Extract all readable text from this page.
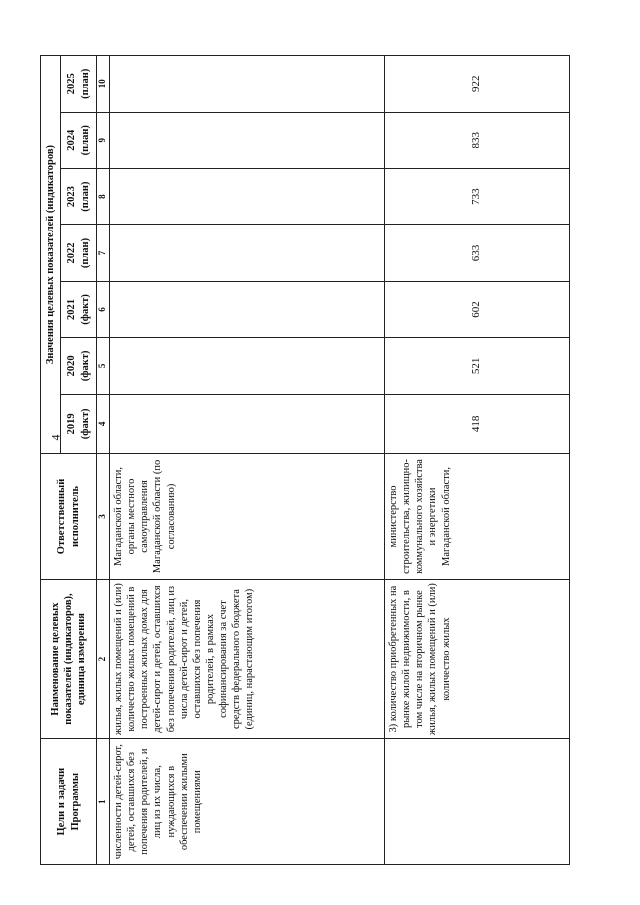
4
Цели и задачи Программы	Наименование целевых показателей (индикаторов), единица измерения	Ответственный исполнитель	Значения целевых показателей (индикаторов)						
			2019 (факт)	2020 (факт)	2021 (факт)	2022 (план)	2023 (план)	2024 (план)	2025 (план)
1	2	3	4	5	6	7	8	9	10
численности детей-сирот, детей, оставшихся без попечения родителей, и лиц из их числа, нуждающихся в обеспечении жилыми помещениями	жилья, жилых помещений и (или) количество жилых помещений в построенных жилых домах для детей-сирот и детей, оставшихся без попечения родителей, лиц из числа детей-сирот и детей, оставшихся без попечения родителей, в рамках софинансирования за счет средств федерального бюджета (единиц, нарастающим итогом)	Магаданской области, органы местного самоуправления Магаданской области (по согласованию)							
	3) количество приобретенных на рынке жилой недвижимости, в том числе на вторичном рынке жилья, жилых помещений и (или) количество жилых	министерство строительства, жилищно-коммунального хозяйства и энергетики Магаданской области,	418	521	602	633	733	833	922
